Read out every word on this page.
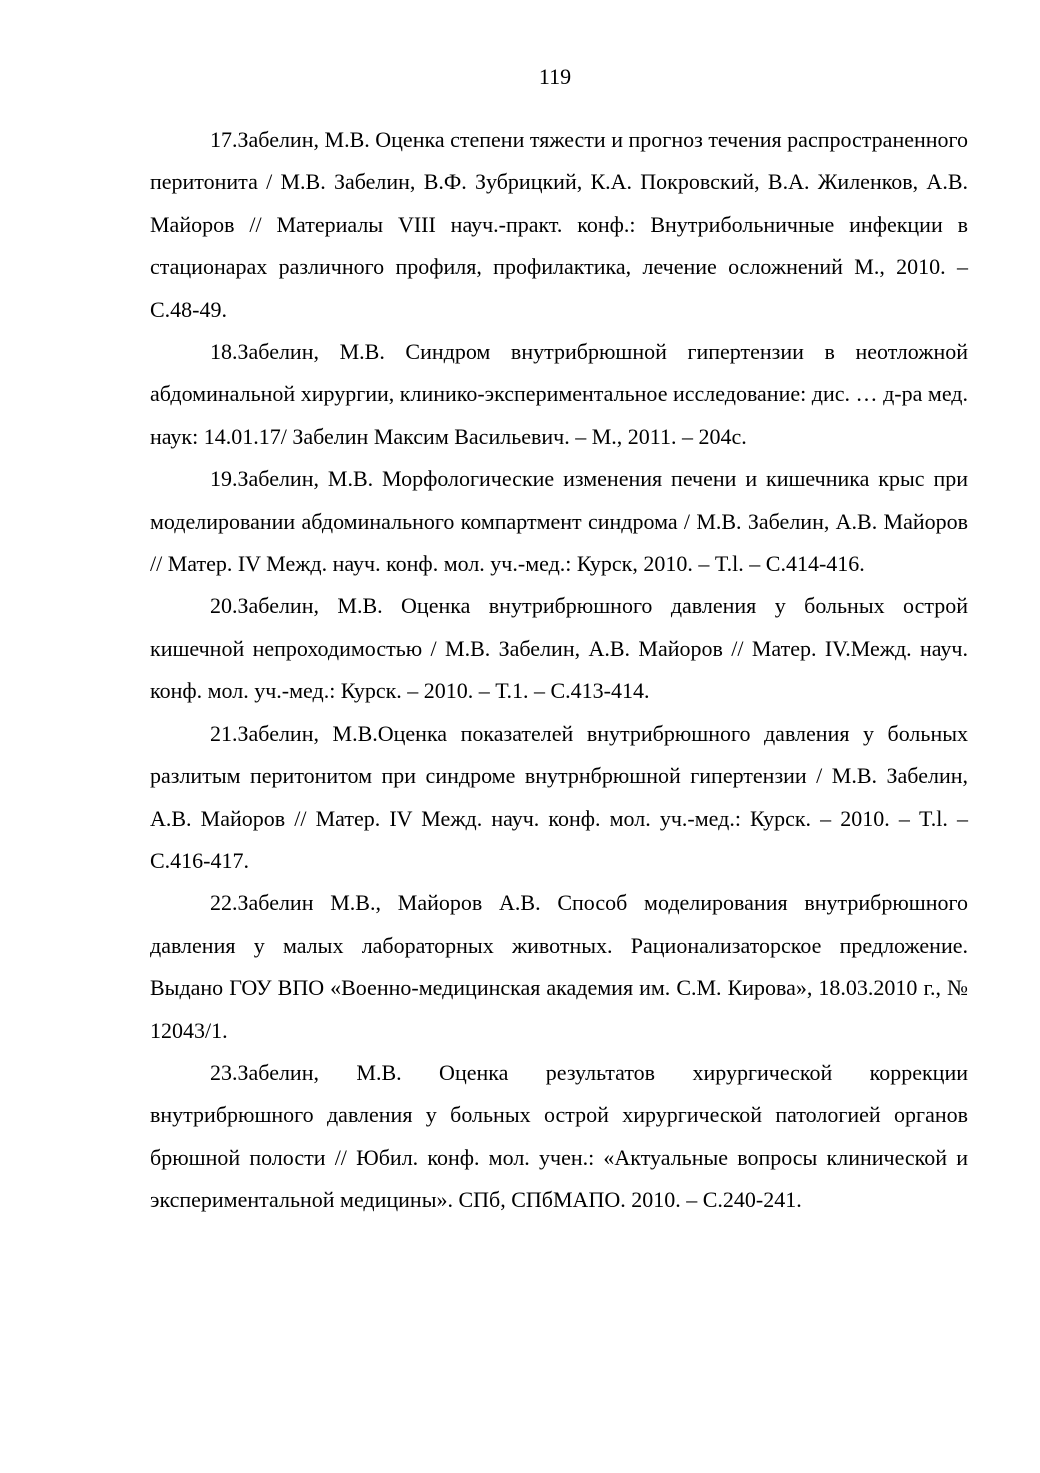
119

17.Забелин, М.В. Оценка степени тяжести и прогноз течения распространенного перитонита / М.В. Забелин, В.Ф. Зубрицкий, К.А. Покровский, В.А. Жиленков, А.В. Майоров // Материалы VIII науч.-практ. конф.: Внутрибольничные инфекции в стационарах различного профиля, профилактика, лечение осложнений М., 2010. – С.48-49.

18.Забелин, М.В. Синдром внутрибрюшной гипертензии в неотложной абдоминальной хирургии, клинико-экспериментальное исследование: дис. … д-ра мед. наук: 14.01.17/ Забелин Максим Васильевич. – М., 2011. – 204с.

19.Забелин, М.В. Морфологические изменения печени и кишечника крыс при моделировании абдоминального компартмент синдрома / М.В. Забелин, А.В. Майоров // Матер. IV Межд. науч. конф. мол. уч.-мед.: Курск, 2010. – T.l. – C.414-416.

20.Забелин, М.В. Оценка внутрибрюшного давления у больных острой кишечной непроходимостью / М.В. Забелин, А.В. Майоров // Матер. IV.Межд. науч. конф. мол. уч.-мед.: Курск. – 2010. – Т.1. – С.413-414.

21.Забелин, М.В.Оценка показателей внутрибрюшного давления у больных разлитым перитонитом при синдроме внутрнбрюшной гипертензии / М.В. Забелин, А.В. Майоров // Матер. IV Межд. науч. конф. мол. уч.-мед.: Курск. – 2010. – T.l. – C.416-417.

22.Забелин М.В., Майоров А.В. Способ моделирования внутрибрюшного давления у малых лабораторных животных. Рационализаторское предложение. Выдано ГОУ ВПО «Военно-медицинская академия им. С.М. Кирова», 18.03.2010 г., № 12043/1.

23.Забелин, М.В. Оценка результатов хирургической коррекции внутрибрюшного давления у больных острой хирургической патологией органов брюшной полости // Юбил. конф. мол. учен.: «Актуальные вопросы клинической и экспериментальной медицины». СПб, СПбМАПО. 2010. – С.240-241.
